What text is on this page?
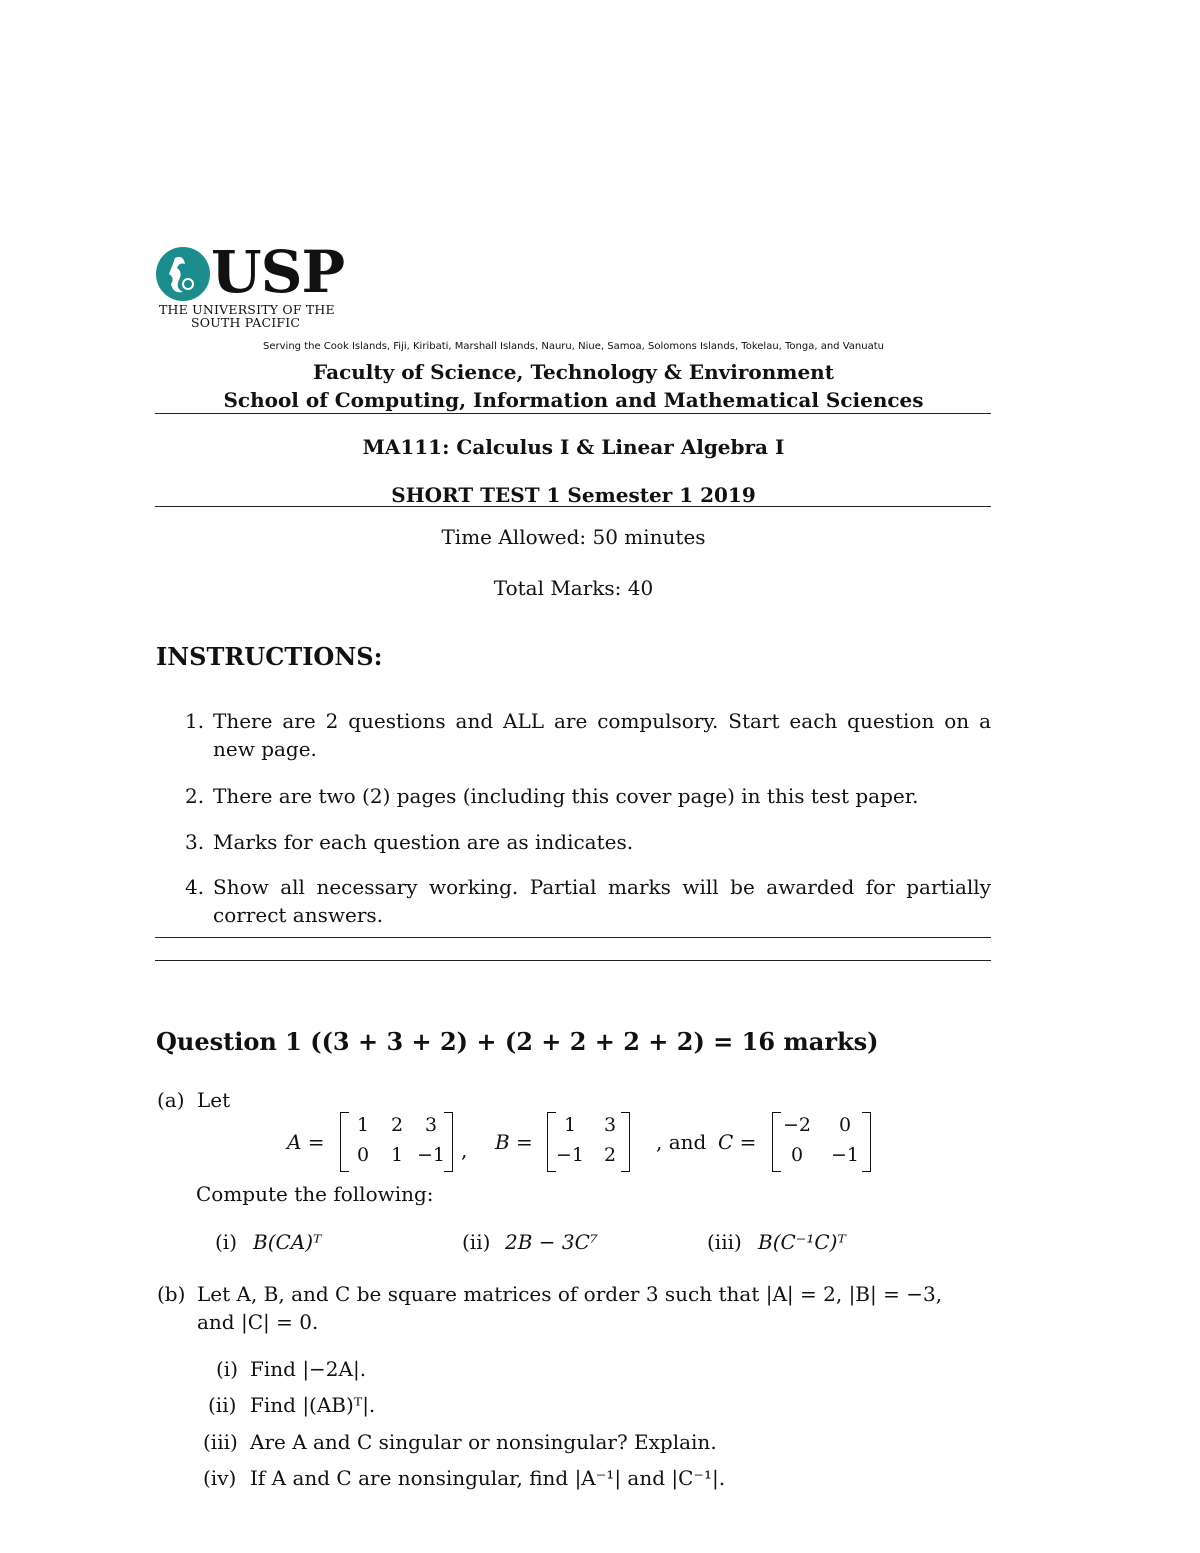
USP
THE UNIVERSITY OF THE
SOUTH PACIFIC
Serving the Cook Islands, Fiji, Kiribati, Marshall Islands, Nauru, Niue, Samoa, Solomons Islands, Tokelau, Tonga, and Vanuatu
Faculty of Science, Technology & Environment
School of Computing, Information and Mathematical Sciences
MA111: Calculus I & Linear Algebra I
SHORT TEST 1 Semester 1 2019
Time Allowed: 50 minutes
Total Marks: 40
INSTRUCTIONS:
1. There are 2 questions and ALL are compulsory. Start each question on a new page.
2. There are two (2) pages (including this cover page) in this test paper.
3. Marks for each question are as indicates.
4. Show all necessary working. Partial marks will be awarded for partially correct answers.
Question 1 ((3 + 3 + 2) + (2 + 2 + 2 + 2) = 16 marks)
(a) Let
A =
1	2	3
0	1 −1 , B =
1	3
−1	2
, and C =
−2	0
0	−1
Compute the following:
(i) B(CA)ᵀ	(ii) 2B − 3C⁷	(iii) B(C⁻¹C)ᵀ
(b) Let A, B, and C be square matrices of order 3 such that |A| = 2, |B| = −3,
and |C| = 0.
(i) Find |−2A|.
(ii) Find |(AB)ᵀ|.
(iii) Are A and C singular or nonsingular? Explain.
(iv) If A and C are nonsingular, find |A⁻¹| and |C⁻¹|.
